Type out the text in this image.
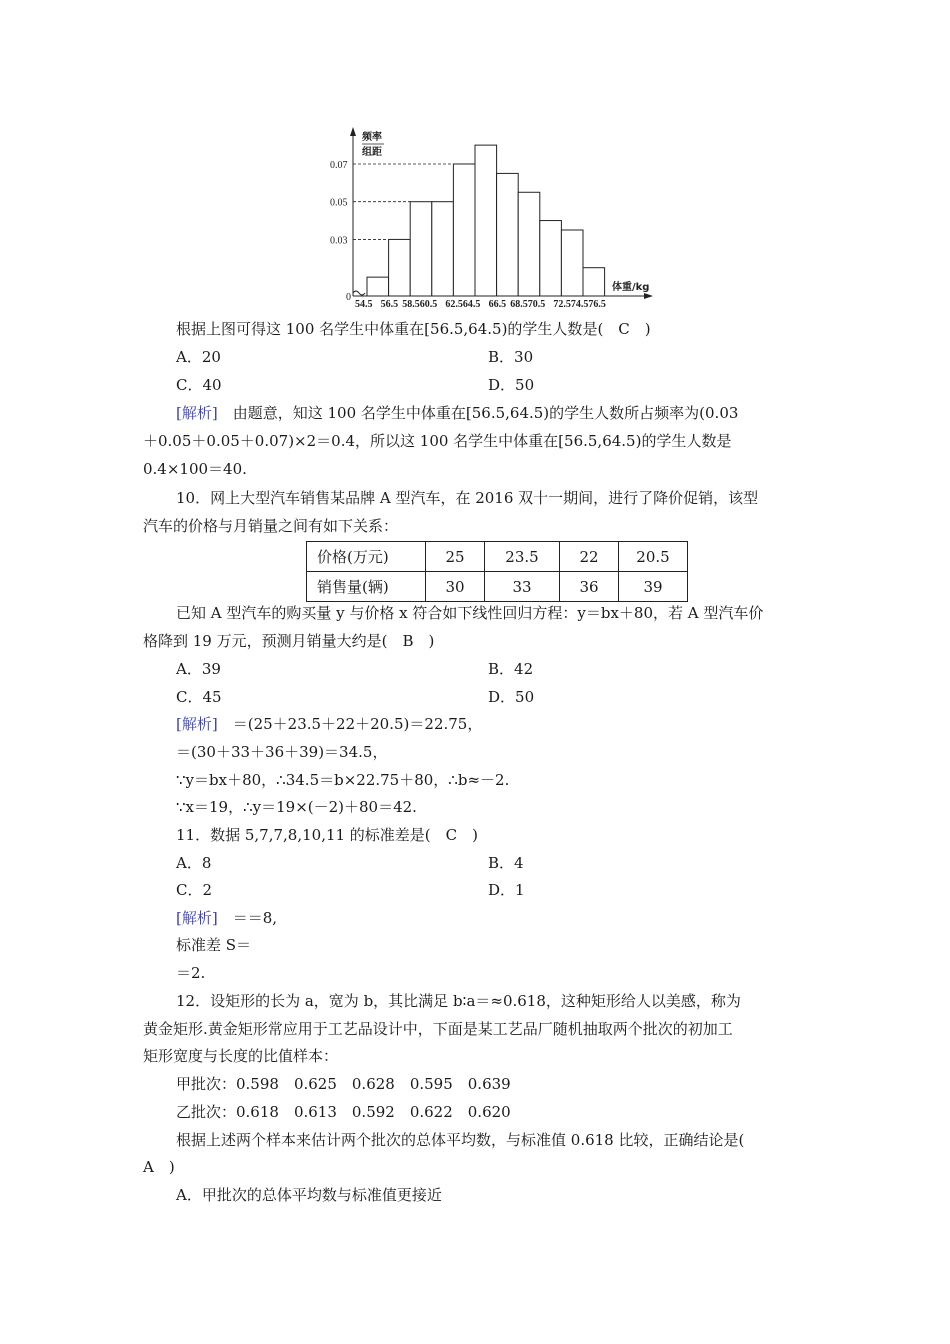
0
0.03
0.05
0.07
频率
组距
体重/kg
54.5 56.5 58.560.5 62.564.5 66.5 68.570.5 72.574.576.5
根据上图可得这 100 名学生中体重在[56.5,64.5)的学生人数是(　C　)
A．20	B．30
C．40	D．50
[解析]　由题意，知这 100 名学生中体重在[56.5,64.5)的学生人数所占频率为(0.03
＋0.05＋0.05＋0.07)×2＝0.4，所以这 100 名学生中体重在[56.5,64.5)的学生人数是
0.4×100＝40.
10．网上大型汽车销售某品牌 A 型汽车，在 2016 双十一期间，进行了降价促销，该型
汽车的价格与月销量之间有如下关系：
价格(万元)	25	23.5	22	20.5
销售量(辆)	30	33	36	39
已知 A 型汽车的购买量 y 与价格 x 符合如下线性回归方程：y＝bx＋80，若 A 型汽车价
格降到 19 万元，预测月销量大约是(　B　)
A．39	B．42
C．45	D．50
[解析]　＝(25＋23.5＋22＋20.5)＝22.75，
＝(30＋33＋36＋39)＝34.5，
∵y＝bx＋80，∴34.5＝b×22.75＋80，∴b≈－2.
∵x＝19，∴y＝19×(－2)＋80＝42.
11．数据 5,7,7,8,10,11 的标准差是(　C　)
A．8	B．4
C．2	D．1
[解析]　＝＝8,
标准差 S＝
＝2.
12．设矩形的长为 a，宽为 b，其比满足 b∶a＝≈0.618，这种矩形给人以美感，称为
黄金矩形.黄金矩形常应用于工艺品设计中，下面是某工艺品厂随机抽取两个批次的初加工
矩形宽度与长度的比值样本：
甲批次：0.598　0.625　0.628　0.595　0.639
乙批次：0.618　0.613　0.592　0.622　0.620
根据上述两个样本来估计两个批次的总体平均数，与标准值 0.618 比较，正确结论是(
A　)
A．甲批次的总体平均数与标准值更接近
